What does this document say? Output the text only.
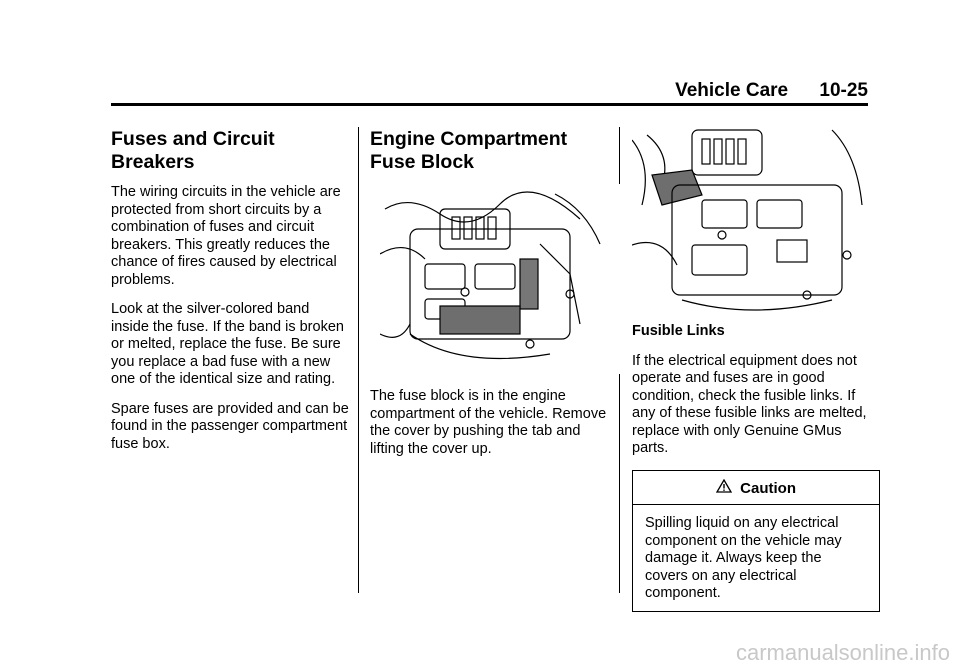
Vehicle Care 10-25
Fuses and Circuit Breakers

The wiring circuits in the vehicle are protected from short circuits by a combination of fuses and circuit breakers. This greatly reduces the chance of fires caused by electrical problems.

Look at the silver-colored band inside the fuse. If the band is broken or melted, replace the fuse. Be sure you replace a bad fuse with a new one of the identical size and rating.

Spare fuses are provided and can be found in the passenger compartment fuse box.

Engine Compartment Fuse Block

The fuse block is in the engine compartment of the vehicle. Remove the cover by pushing the tab and lifting the cover up.

Fusible Links

If the electrical equipment does not operate and fuses are in good condition, check the fusible links. If any of these fusible links are melted, replace with only Genuine GMus parts.

Caution
Spilling liquid on any electrical component on the vehicle may damage it. Always keep the covers on any electrical component.
carmanualsonline.info
